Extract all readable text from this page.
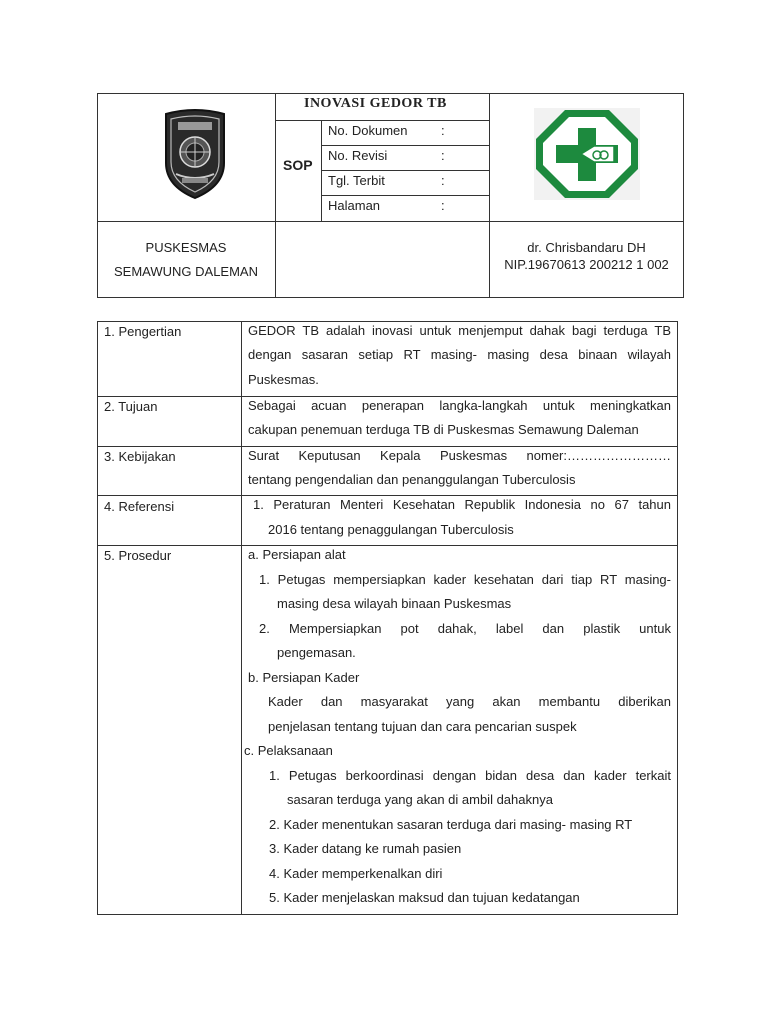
INOVASI GEDOR TB
SOP
No. Dokumen	:
No. Revisi	:
Tgl. Terbit	:
Halaman	:
PUSKESMAS
SEMAWUNG DALEMAN
dr. Chrisbandaru DH
NIP.19670613 200212 1 002
1. Pengertian	GEDOR TB adalah inovasi untuk menjemput dahak bagi terduga TB
dengan sasaran setiap RT masing- masing desa binaan wilayah
Puskesmas.
2. Tujuan	Sebagai acuan penerapan langka-langkah untuk meningkatkan
cakupan penemuan terduga TB di Puskesmas Semawung Daleman
3. Kebijakan	Surat Keputusan Kepala Puskesmas nomer:……………………
tentang pengendalian dan penanggulangan Tuberculosis
4. Referensi	1. Peraturan Menteri Kesehatan Republik Indonesia no 67 tahun
2016 tentang penaggulangan Tuberculosis
5. Prosedur	a. Persiapan alat
1. Petugas mempersiapkan kader kesehatan dari tiap RT masing-
masing desa wilayah binaan Puskesmas
2. Mempersiapkan pot dahak, label dan plastik untuk
pengemasan.
b. Persiapan Kader
Kader dan masyarakat yang akan membantu diberikan
penjelasan tentang tujuan dan cara pencarian suspek
c. Pelaksanaan
1. Petugas berkoordinasi dengan bidan desa dan kader terkait
sasaran terduga yang akan di ambil dahaknya
2. Kader menentukan sasaran terduga dari masing- masing RT
3. Kader datang ke rumah pasien
4. Kader memperkenalkan diri
5. Kader menjelaskan maksud dan tujuan kedatangan
